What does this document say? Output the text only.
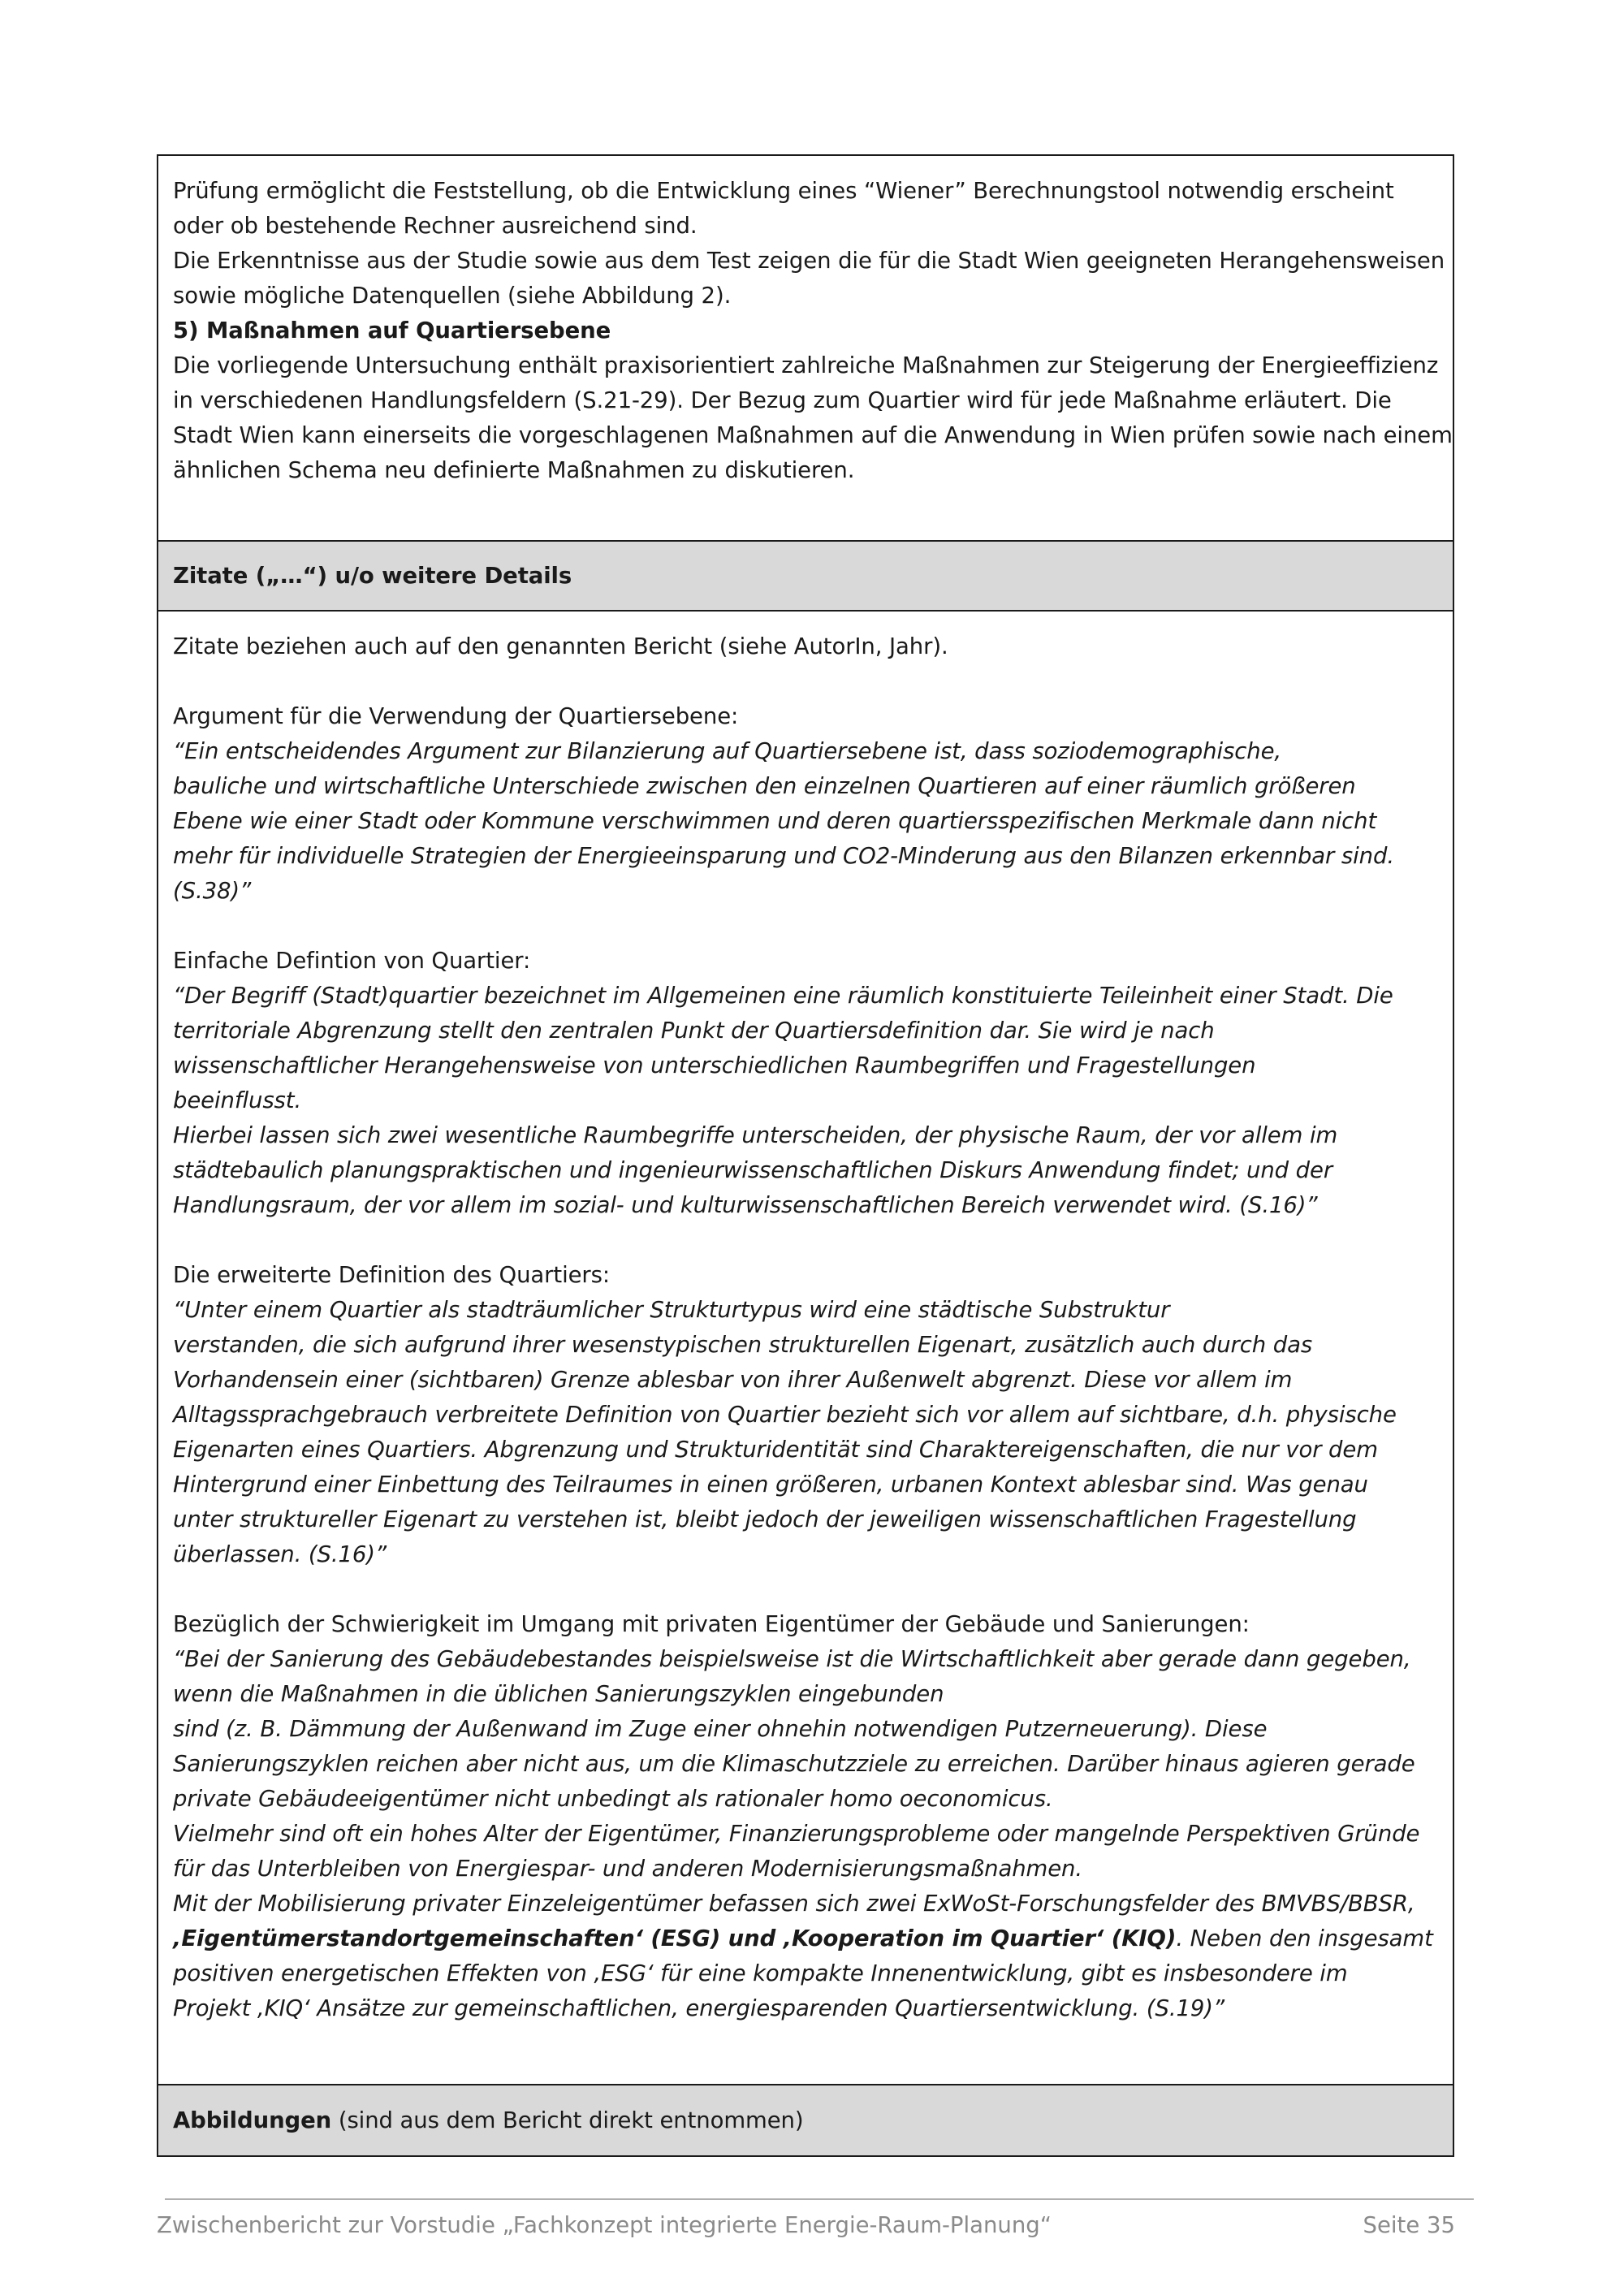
Prüfung ermöglicht die Feststellung, ob die Entwicklung eines “Wiener” Berechnungstool notwendig erscheint
oder ob bestehende Rechner ausreichend sind.
Die Erkenntnisse aus der Studie sowie aus dem Test zeigen die für die Stadt Wien geeigneten Herangehensweisen
sowie mögliche Datenquellen (siehe Abbildung 2).
5) Maßnahmen auf Quartiersebene
Die vorliegende Untersuchung enthält praxisorientiert zahlreiche Maßnahmen zur Steigerung der Energieeffizienz
in verschiedenen Handlungsfeldern (S.21-29). Der Bezug zum Quartier wird für jede Maßnahme erläutert. Die
Stadt Wien kann einerseits die vorgeschlagenen Maßnahmen auf die Anwendung in Wien prüfen sowie nach einem
ähnlichen Schema neu definierte Maßnahmen zu diskutieren.
Zitate („…“) u/o weitere Details
Zitate beziehen auch auf den genannten Bericht (siehe AutorIn, Jahr).
Argument für die Verwendung der Quartiersebene:
“Ein entscheidendes Argument zur Bilanzierung auf Quartiersebene ist, dass soziodemographische,
bauliche und wirtschaftliche Unterschiede zwischen den einzelnen Quartieren auf einer räumlich größeren
Ebene wie einer Stadt oder Kommune verschwimmen und deren quartiersspezifischen Merkmale dann nicht
mehr für individuelle Strategien der Energieeinsparung und CO2-Minderung aus den Bilanzen erkennbar sind.
(S.38)”
Einfache Defintion von Quartier:
“Der Begriff (Stadt)quartier bezeichnet im Allgemeinen eine räumlich konstituierte Teileinheit einer Stadt. Die
territoriale Abgrenzung stellt den zentralen Punkt der Quartiersdefinition dar. Sie wird je nach
wissenschaftlicher Herangehensweise von unterschiedlichen Raumbegriffen und Fragestellungen
beeinflusst.
Hierbei lassen sich zwei wesentliche Raumbegriffe unterscheiden, der physische Raum, der vor allem im
städtebaulich planungspraktischen und ingenieurwissenschaftlichen Diskurs Anwendung findet; und der
Handlungsraum, der vor allem im sozial- und kulturwissenschaftlichen Bereich verwendet wird. (S.16)”
Die erweiterte Definition des Quartiers:
“Unter einem Quartier als stadträumlicher Strukturtypus wird eine städtische Substruktur
verstanden, die sich aufgrund ihrer wesenstypischen strukturellen Eigenart, zusätzlich auch durch das
Vorhandensein einer (sichtbaren) Grenze ablesbar von ihrer Außenwelt abgrenzt. Diese vor allem im
Alltagssprachgebrauch verbreitete Definition von Quartier bezieht sich vor allem auf sichtbare, d.h. physische
Eigenarten eines Quartiers. Abgrenzung und Strukturidentität sind Charaktereigenschaften, die nur vor dem
Hintergrund einer Einbettung des Teilraumes in einen größeren, urbanen Kontext ablesbar sind. Was genau
unter struktureller Eigenart zu verstehen ist, bleibt jedoch der jeweiligen wissenschaftlichen Fragestellung
überlassen. (S.16)”
Bezüglich der Schwierigkeit im Umgang mit privaten Eigentümer der Gebäude und Sanierungen:
“Bei der Sanierung des Gebäudebestandes beispielsweise ist die Wirtschaftlichkeit aber gerade dann gegeben,
wenn die Maßnahmen in die üblichen Sanierungszyklen eingebunden
sind (z. B. Dämmung der Außenwand im Zuge einer ohnehin notwendigen Putzerneuerung). Diese
Sanierungszyklen reichen aber nicht aus, um die Klimaschutzziele zu erreichen. Darüber hinaus agieren gerade
private Gebäudeeigentümer nicht unbedingt als rationaler homo oeconomicus.
Vielmehr sind oft ein hohes Alter der Eigentümer, Finanzierungsprobleme oder mangelnde Perspektiven Gründe
für das Unterbleiben von Energiespar- und anderen Modernisierungsmaßnahmen.
Mit der Mobilisierung privater Einzeleigentümer befassen sich zwei ExWoSt-Forschungsfelder des BMVBS/BBSR,
‚Eigentümerstandortgemeinschaften‘ (ESG) und ‚Kooperation im Quartier‘ (KIQ). Neben den insgesamt
positiven energetischen Effekten von ‚ESG‘ für eine kompakte Innenentwicklung, gibt es insbesondere im
Projekt ‚KIQ‘ Ansätze zur gemeinschaftlichen, energiesparenden Quartiersentwicklung. (S.19)”
Abbildungen (sind aus dem Bericht direkt entnommen)
Zwischenbericht zur Vorstudie „Fachkonzept integrierte Energie-Raum-Planung“	Seite 35
